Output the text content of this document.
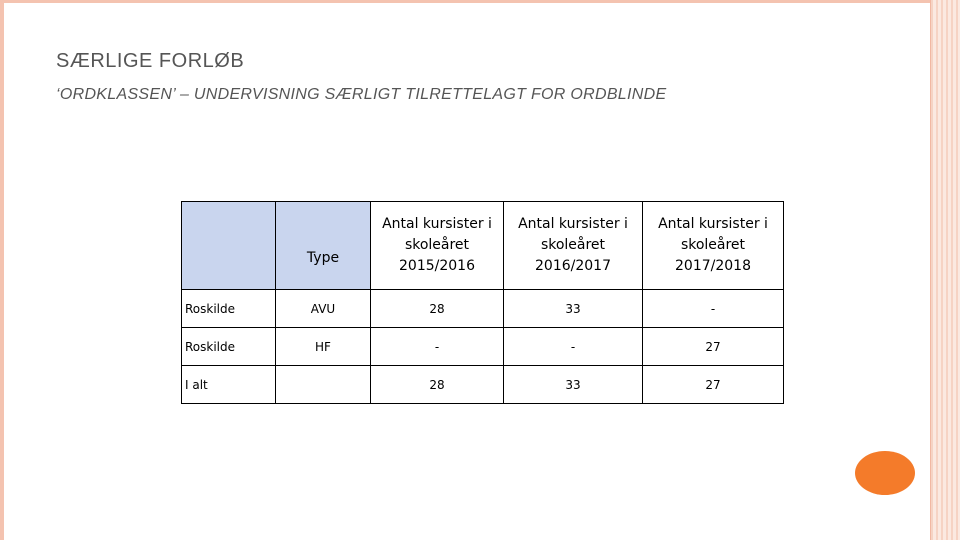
SÆRLIGE FORLØB

‘ORDKLASSEN’ – UNDERVISNING SÆRLIGT TILRETTELAGT FOR ORDBLINDE

	Type	Antal kursister i skoleåret 2015/2016	Antal kursister i skoleåret 2016/2017	Antal kursister i skoleåret 2017/2018
Roskilde	AVU	28	33	-
Roskilde	HF	-	-	27
I alt		28	33	27
